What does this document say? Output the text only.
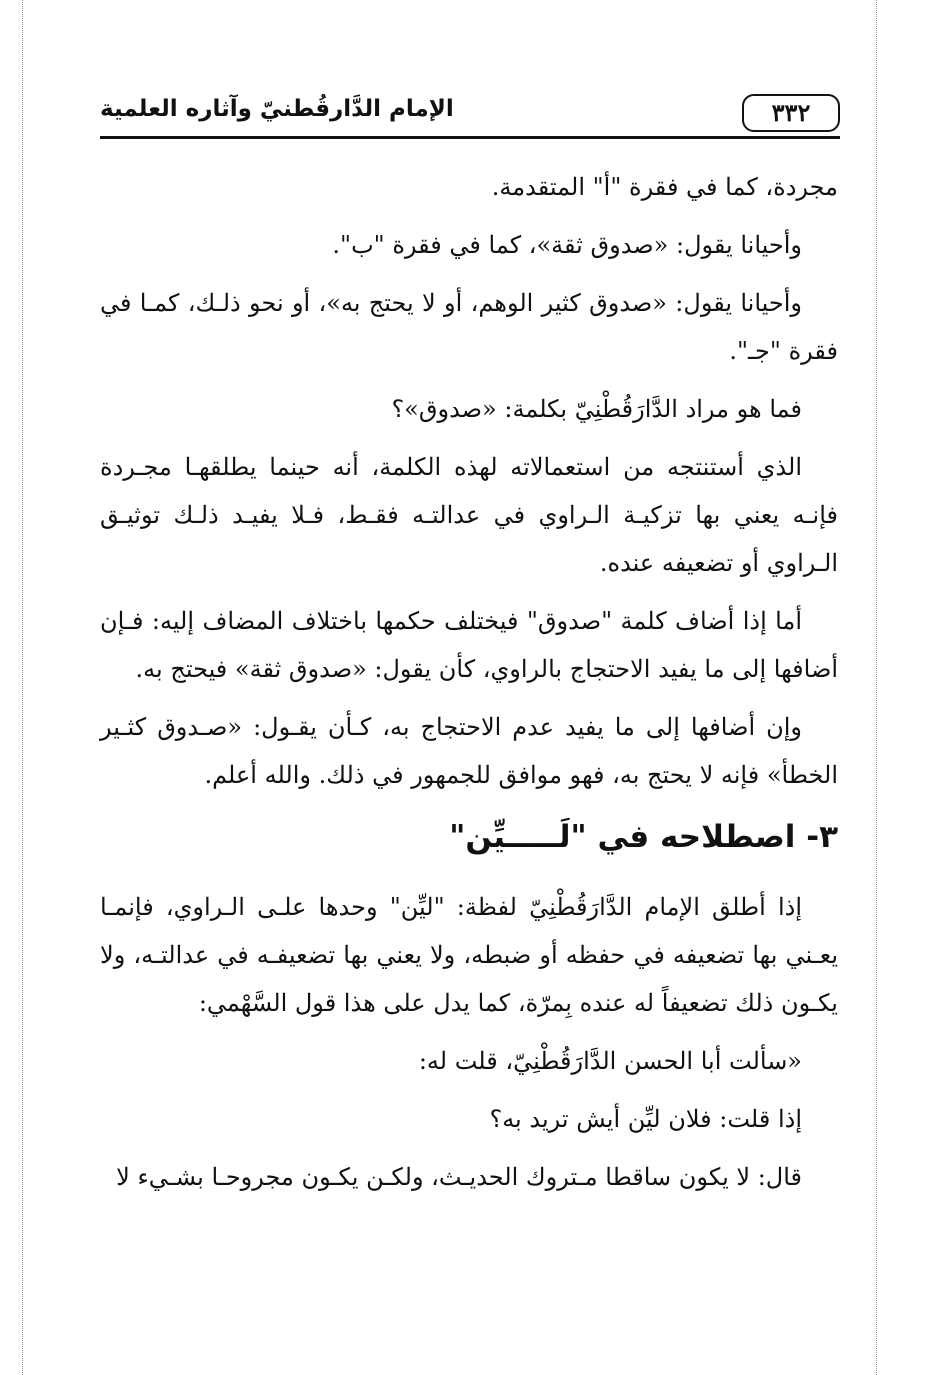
٣٣٢
الإمام الدَّارقُطنيّ وآثاره العلمية

مجردة، كما في فقرة "أ" المتقدمة.

وأحيانا يقول: «صدوق ثقة»، كما في فقرة "ب".

وأحيانا يقول: «صدوق كثير الوهم، أو لا يحتج به»، أو نحو ذلـك، كمـا في فقرة "جـ".

فما هو مراد الدَّارَقُطْنِيّ بكلمة: «صدوق»؟

الذي أستنتجه من استعمالاته لهذه الكلمة، أنه حينما يطلقهـا مجـردة فإنـه يعني بها تزكيـة الـراوي في عدالتـه فقـط، فـلا يفيـد ذلـك توثيـق الـراوي أو تضعيفه عنده.

أما إذا أضاف كلمة "صدوق" فيختلف حكمها باختلاف المضاف إليه: فـإن أضافها إلى ما يفيد الاحتجاج بالراوي، كأن يقول: «صدوق ثقة» فيحتج به.

وإن أضافها إلى ما يفيد عدم الاحتجاج به، كـأن يقـول: «صـدوق كثـير الخطأ» فإنه لا يحتج به، فهو موافق للجمهور في ذلك. والله أعلم.

٣- اصطلاحه في "لَـــــيِّن"

إذا أطلق الإمام الدَّارَقُطْنِيّ لفظة: "ليِّن" وحدها علـى الـراوي، فإنمـا يعـني بها تضعيفه في حفظه أو ضبطه، ولا يعني بها تضعيفـه في عدالتـه، ولا يكـون ذلك تضعيفاً له عنده بِمرّة، كما يدل على هذا قول السَّهْمي:

«سألت أبا الحسن الدَّارَقُطْنِيّ، قلت له:

إذا قلت: فلان ليِّن أيش تريد به؟

قال: لا يكون ساقطا مـتروك الحديـث، ولكـن يكـون مجروحـا بشـيء لا
